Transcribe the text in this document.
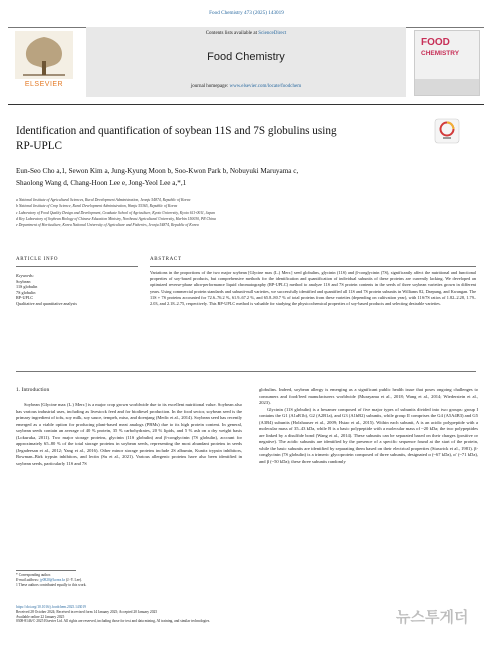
Food Chemistry 473 (2025) 143019
ELSEVIER
Contents lists available at ScienceDirect
Food Chemistry
journal homepage: www.elsevier.com/locate/foodchem
FOOD
CHEMISTRY
Identification and quantification of soybean 11S and 7S globulins using
RP-UPLC
Eun-Seo Cho a,1, Sewon Kim a, Jung-Kyung Moon b, Soo-Kwon Park b, Nobuyuki Maruyama c,
Shaolong Wang d, Chang-Hoon Lee e, Jong-Yeol Lee a,*,1
a National Institute of Agricultural Sciences, Rural Development Administration, Jeonju 54874, Republic of Korea
b National Institute of Crop Science, Rural Development Administration, Wanju 55365, Republic of Korea
c Laboratory of Food Quality Design and Development, Graduate School of Agriculture, Kyoto University, Kyoto 611-0011, Japan
d Key Laboratory of Soybean Biology of Chinese Education Ministry, Northeast Agricultural University, Harbin 150030, PR China
e Department of Horticulture, Korea National University of Agriculture and Fisheries, Jeonju 54874, Republic of Korea
ARTICLE INFO	ABSTRACT
Keywords:
Soybean
11S globulin
7S globulin
RP-UPLC
Qualitative and quantitative analysis
Variations in the proportions of the two major soybean [Glycine max (L.) Merr.] seed globulins, glycinin (11S) and β-conglycinin (7S), significantly affect the nutritional and functional properties of soy-based products, but comprehensive methods for the identification and quantification of individual subunits of these proteins are currently lacking. We developed an optimized reverse-phase ultra-performance liquid chromatography (RP-UPLC) method to analyze 11S and 7S protein contents in the seeds of three soybean varieties grown in different years. Using commercial protein standards and subunit-null varieties, we successfully identified and quantified all 11S and 7S protein subunits in Williams 82, Daepung, and Kwangan. The 11S + 7S proteins accounted for 72.6–76.2 %, 61.9–67.2 %, and 65.8–80.7 % of total proteins from these varieties (depending on cultivation year), with 11S/7S ratios of 1.82–2.28, 1.79–2.03, and 2.18–2.75, respectively. This RP-UPLC method is valuable for studying the physicochemical properties of soy-based products and selecting desirable varieties.
1. Introduction
Soybean [Glycine max (L.) Merr.] is a major crop grown worldwide due to its excellent nutritional value. Soybean also has various industrial uses, including as livestock feed and for biodiesel production. In the food sector, soybean seed is the primary ingredient of tofu, soy milk, soy sauce, tempeh, miso, and doenjang (Medic et al., 2014). Soybean seed has recently emerged as a viable option for producing plant-based meat analogs (PBMs) due to its high protein content. In general, soybean seeds contain an average of 40 % protein, 35 % carbohydrates, 20 % lipids, and 5 % ash on a dry weight basis (Lokuruka, 2011). Two major storage proteins, glycinin (11S globulin) and β-conglycinin (7S globulin), account for approximately 65–80 % of the total storage proteins in soybean seeds, representing the most abundant proteins in seeds (Jegadeesan et al., 2012; Yang et al., 2016). Other minor storage proteins include 2S albumin, Kunitz trypsin inhibitors, Bowman–Birk trypsin inhibitors, and lectin (Su et al., 2021). Various allergenic proteins have also been identified in soybean seeds, particularly 11S and 7S

globulins. Indeed, soybean allergy is emerging as a significant public health issue that poses ongoing challenges to consumers and food/feed manufacturers worldwide (Murayama et al., 2018; Wang et al., 2014; Wiederstein et al., 2023).

Glycinin (11S globulin) is a hexamer composed of five major types of subunits divided into two groups: group I contains the G1 (A1aB1b), G2 (A2B1a), and G3 (A1bB2) subunits, while group II comprises the G4 (A5A4B3) and G5 (A3B4) subunits (Holzhauser et al., 2009; Hsiao et al., 2015). Within each subunit, A is an acidic polypeptide with a molecular mass of 35–43 kDa, while B is a basic polypeptide with a molecular mass of ~20 kDa; the two polypeptides are linked by a disulfide bond (Wang et al., 2014). These subunits can be separated based on their charges (positive or negative). The acidic subunits are identified by the presence of a specific sequence found at the start of the protein, while the basic subunits are identified by separating them based on their electrical properties (Staswick et al., 1981). β-conglycinin (7S globulin) is a trimeric glycoprotein composed of three subunits, designated α (~67 kDa), α′ (~71 kDa), and β (~50 kDa); these three subunits randomly

* Corresponding author.
E-mail address: jy0820@korea.kr (J.-Y. Lee).
1 These authors contributed equally to this work.
https://doi.org/10.1016/j.foodchem.2025.143019
Received 28 October 2024; Received in revised form 14 January 2025; Accepted 20 January 2025
Available online 22 January 2025
0308-8146/© 2025 Elsevier Ltd. All rights are reserved, including those for text and data mining, AI training, and similar technologies.	뉴스투게더
